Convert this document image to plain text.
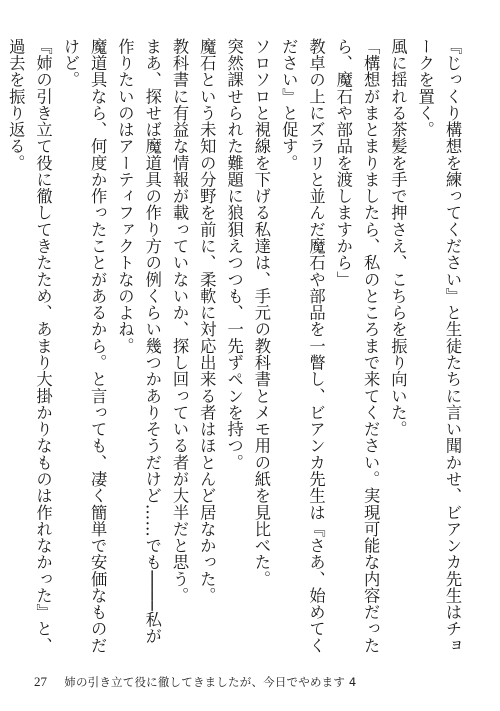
『じっくり構想を練ってください』と生徒たちに言い聞かせ、ビアンカ先生はチョークを置く。

風に揺れる茶髪を手で押さえ、こちらを振り向いた。

「構想がまとまりましたら、私のところまで来てください。実現可能な内容だったら、魔石や部品を渡しますから」

教卓の上にズラリと並んだ魔石や部品を一瞥し、ビアンカ先生は『さあ、始めてください』と促す。

ソロソロと視線を下げる私達は、手元の教科書とメモ用の紙を見比べた。

突然課せられた難題に狼狽えつつも、一先ずペンを持つ。

魔石という未知の分野を前に、柔軟に対応出来る者はほとんど居なかった。

教科書に有益な情報が載っていないか、探し回っている者が大半だと思う。

まあ、探せば魔道具の作り方の例くらい幾つかありそうだけど……でも────私が作りたいのはアーティファクトなのよね。

魔道具なら、何度か作ったことがあるから。と言っても、凄く簡単で安価なものだけど。

『姉の引き立て役に徹してきたため、あまり大掛かりなものは作れなかった』と、過去を振り返る。

27 姉の引き立て役に徹してきましたが、今日でやめます 4
